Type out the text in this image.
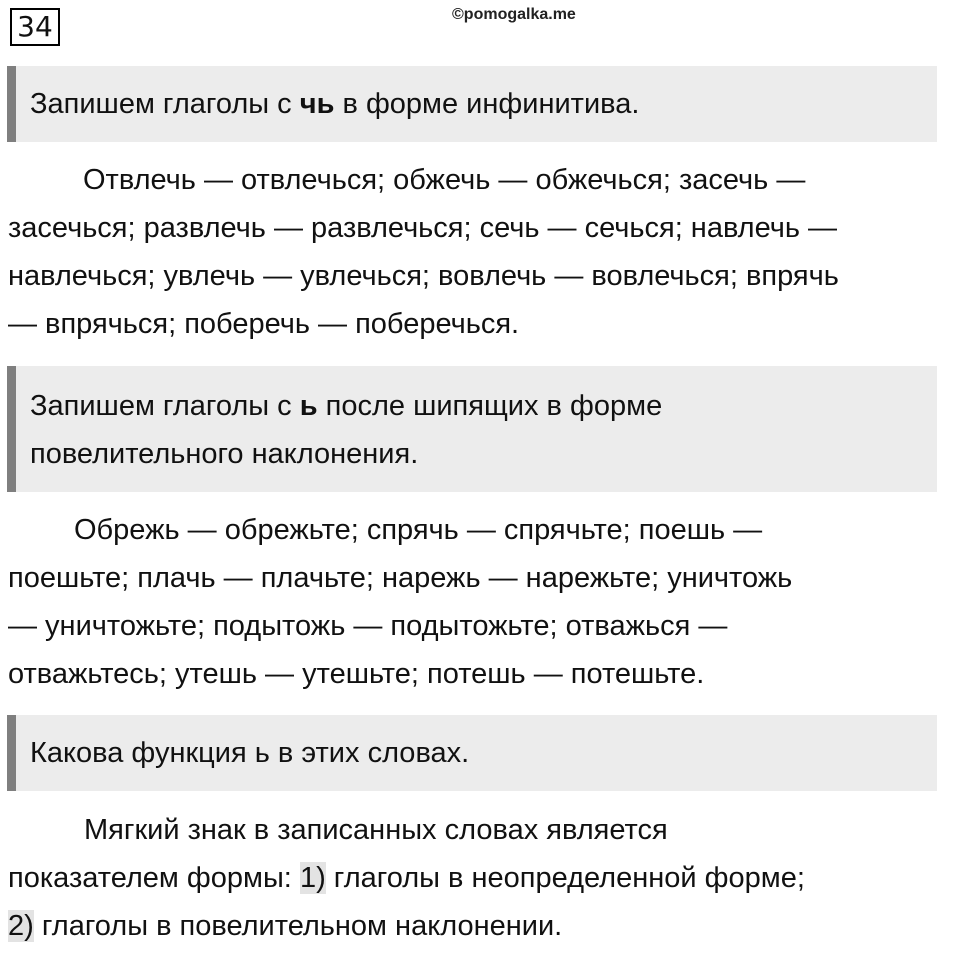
34	©pomogalka.me
Запишем глаголы с чь в форме инфинитива.
Отвлечь — отвлечься; обжечь — обжечься; засечь —
засечься; развлечь — развлечься; сечь — сечься; навлечь —
навлечься; увлечь — увлечься; вовлечь — вовлечься; впрячь
— впрячься; поберечь — поберечься.
Запишем глаголы с ь после шипящих в форме
повелительного наклонения.
Обрежь — обрежьте; спрячь — спрячьте; поешь —
поешьте; плачь — плачьте; нарежь — нарежьте; уничтожь
— уничтожьте; подытожь — подытожьте; отважься —
отважьтесь; утешь — утешьте; потешь — потешьте.
Какова функция ь в этих словах.
Мягкий знак в записанных словах является
показателем формы: 1) глаголы в неопределенной форме;
2) глаголы в повелительном наклонении.
